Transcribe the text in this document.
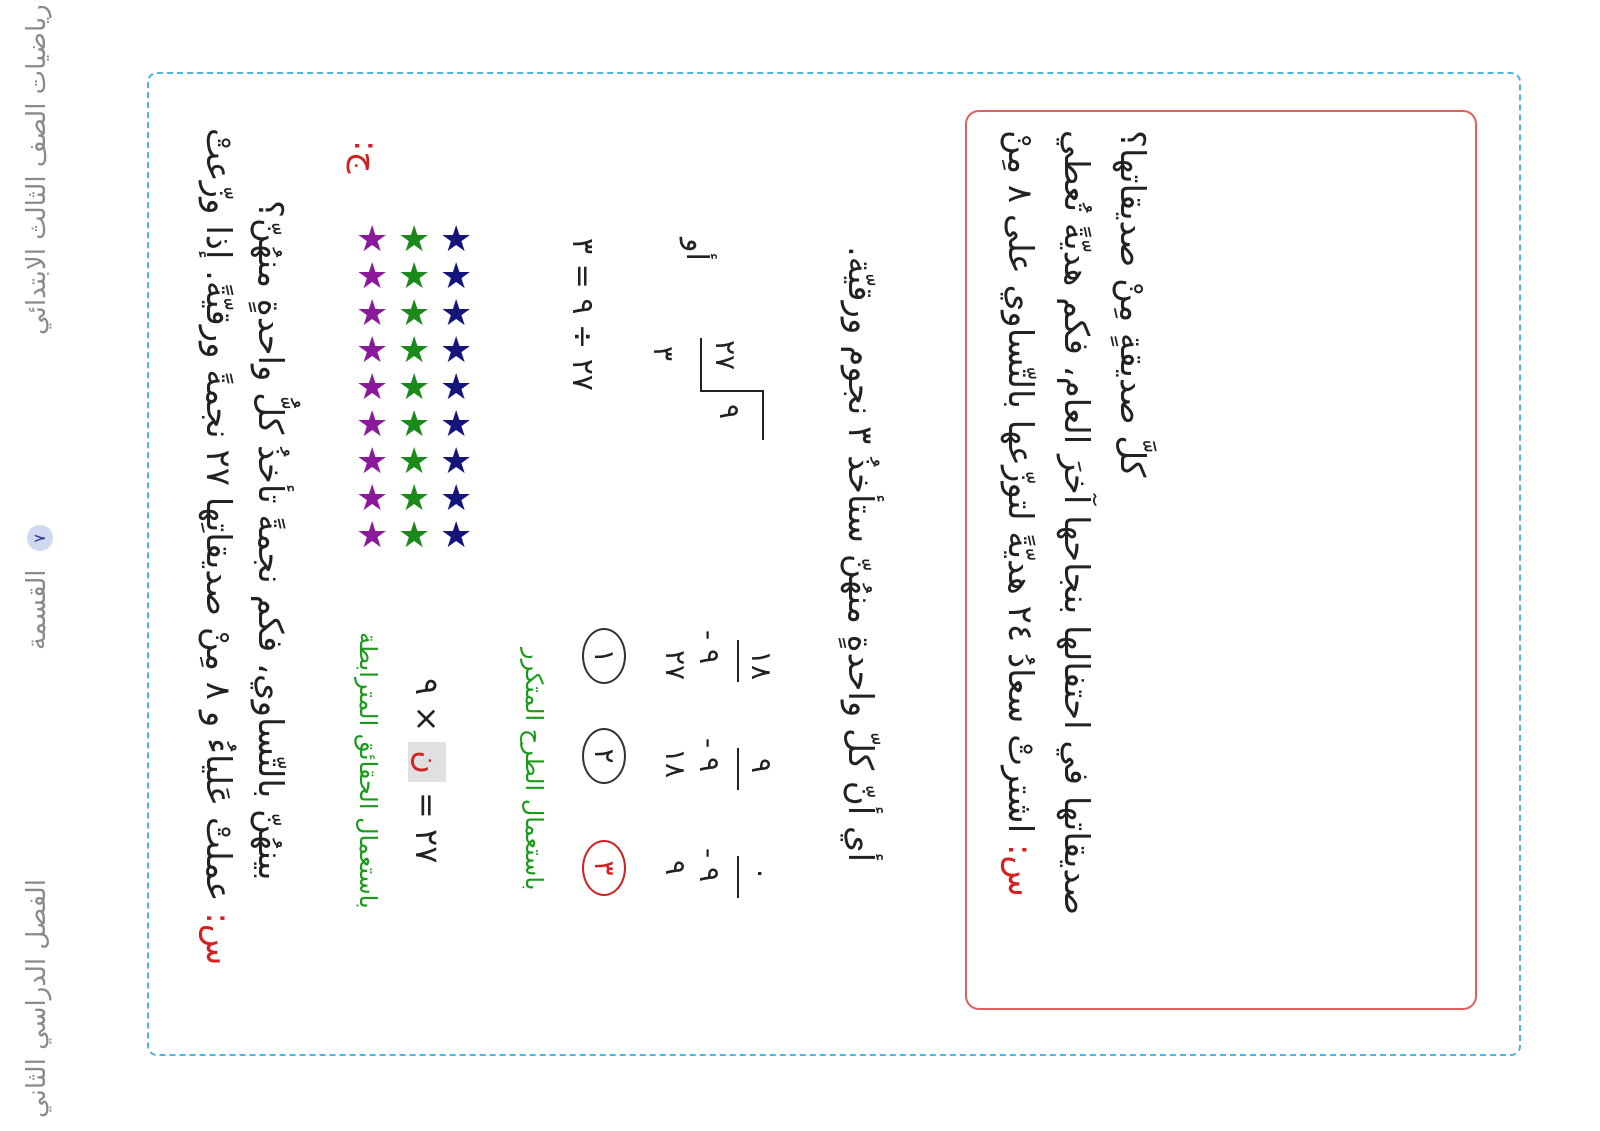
الفصل الدراسي الثاني
القسمة ٧
رياضيات الصف الثالث الابتدائي
س: عملتْ عَلياءُ و ٨ مِنْ صديقاتِها ٢٧ نجمةً ورقيّةً. إذا وزّعتْ بينهُنّ بالتّساوي، فكم نجمةً تأخذُ كلُّ واحدةٍ منهُنّ؟
ج:
★
★
★
★
★
★
★
★
★
★
★
★
★
★
★
★
★
★
★
★
★
★
★
★
★
★
★
باستعمال الحقائق المترابطة ٢٧ = ن × ٩
٢٧ ÷ ٩ = ٣
باستعمال الطرح المتكرر ١
٢
٣
٢٧
٩ - ١٨
١٨
٩ - ٩
٩
٩ - ٠
٣ ٢٧
٩
أو	أي أنّ كلّ واحدةٍ منهُنّ ستأخذُ ٣ نجوم ورقيّة.
س: اشترتْ سعادُ ٢٤ هديّةً لتوزّعها بالتّساوي على ٨ مِنْ صديقاتها في احتفالها بنجاحها آخرَ العام، فكم هديّةً تُعطي كلَّ صديقةٍ مِنْ صديقاتها؟
